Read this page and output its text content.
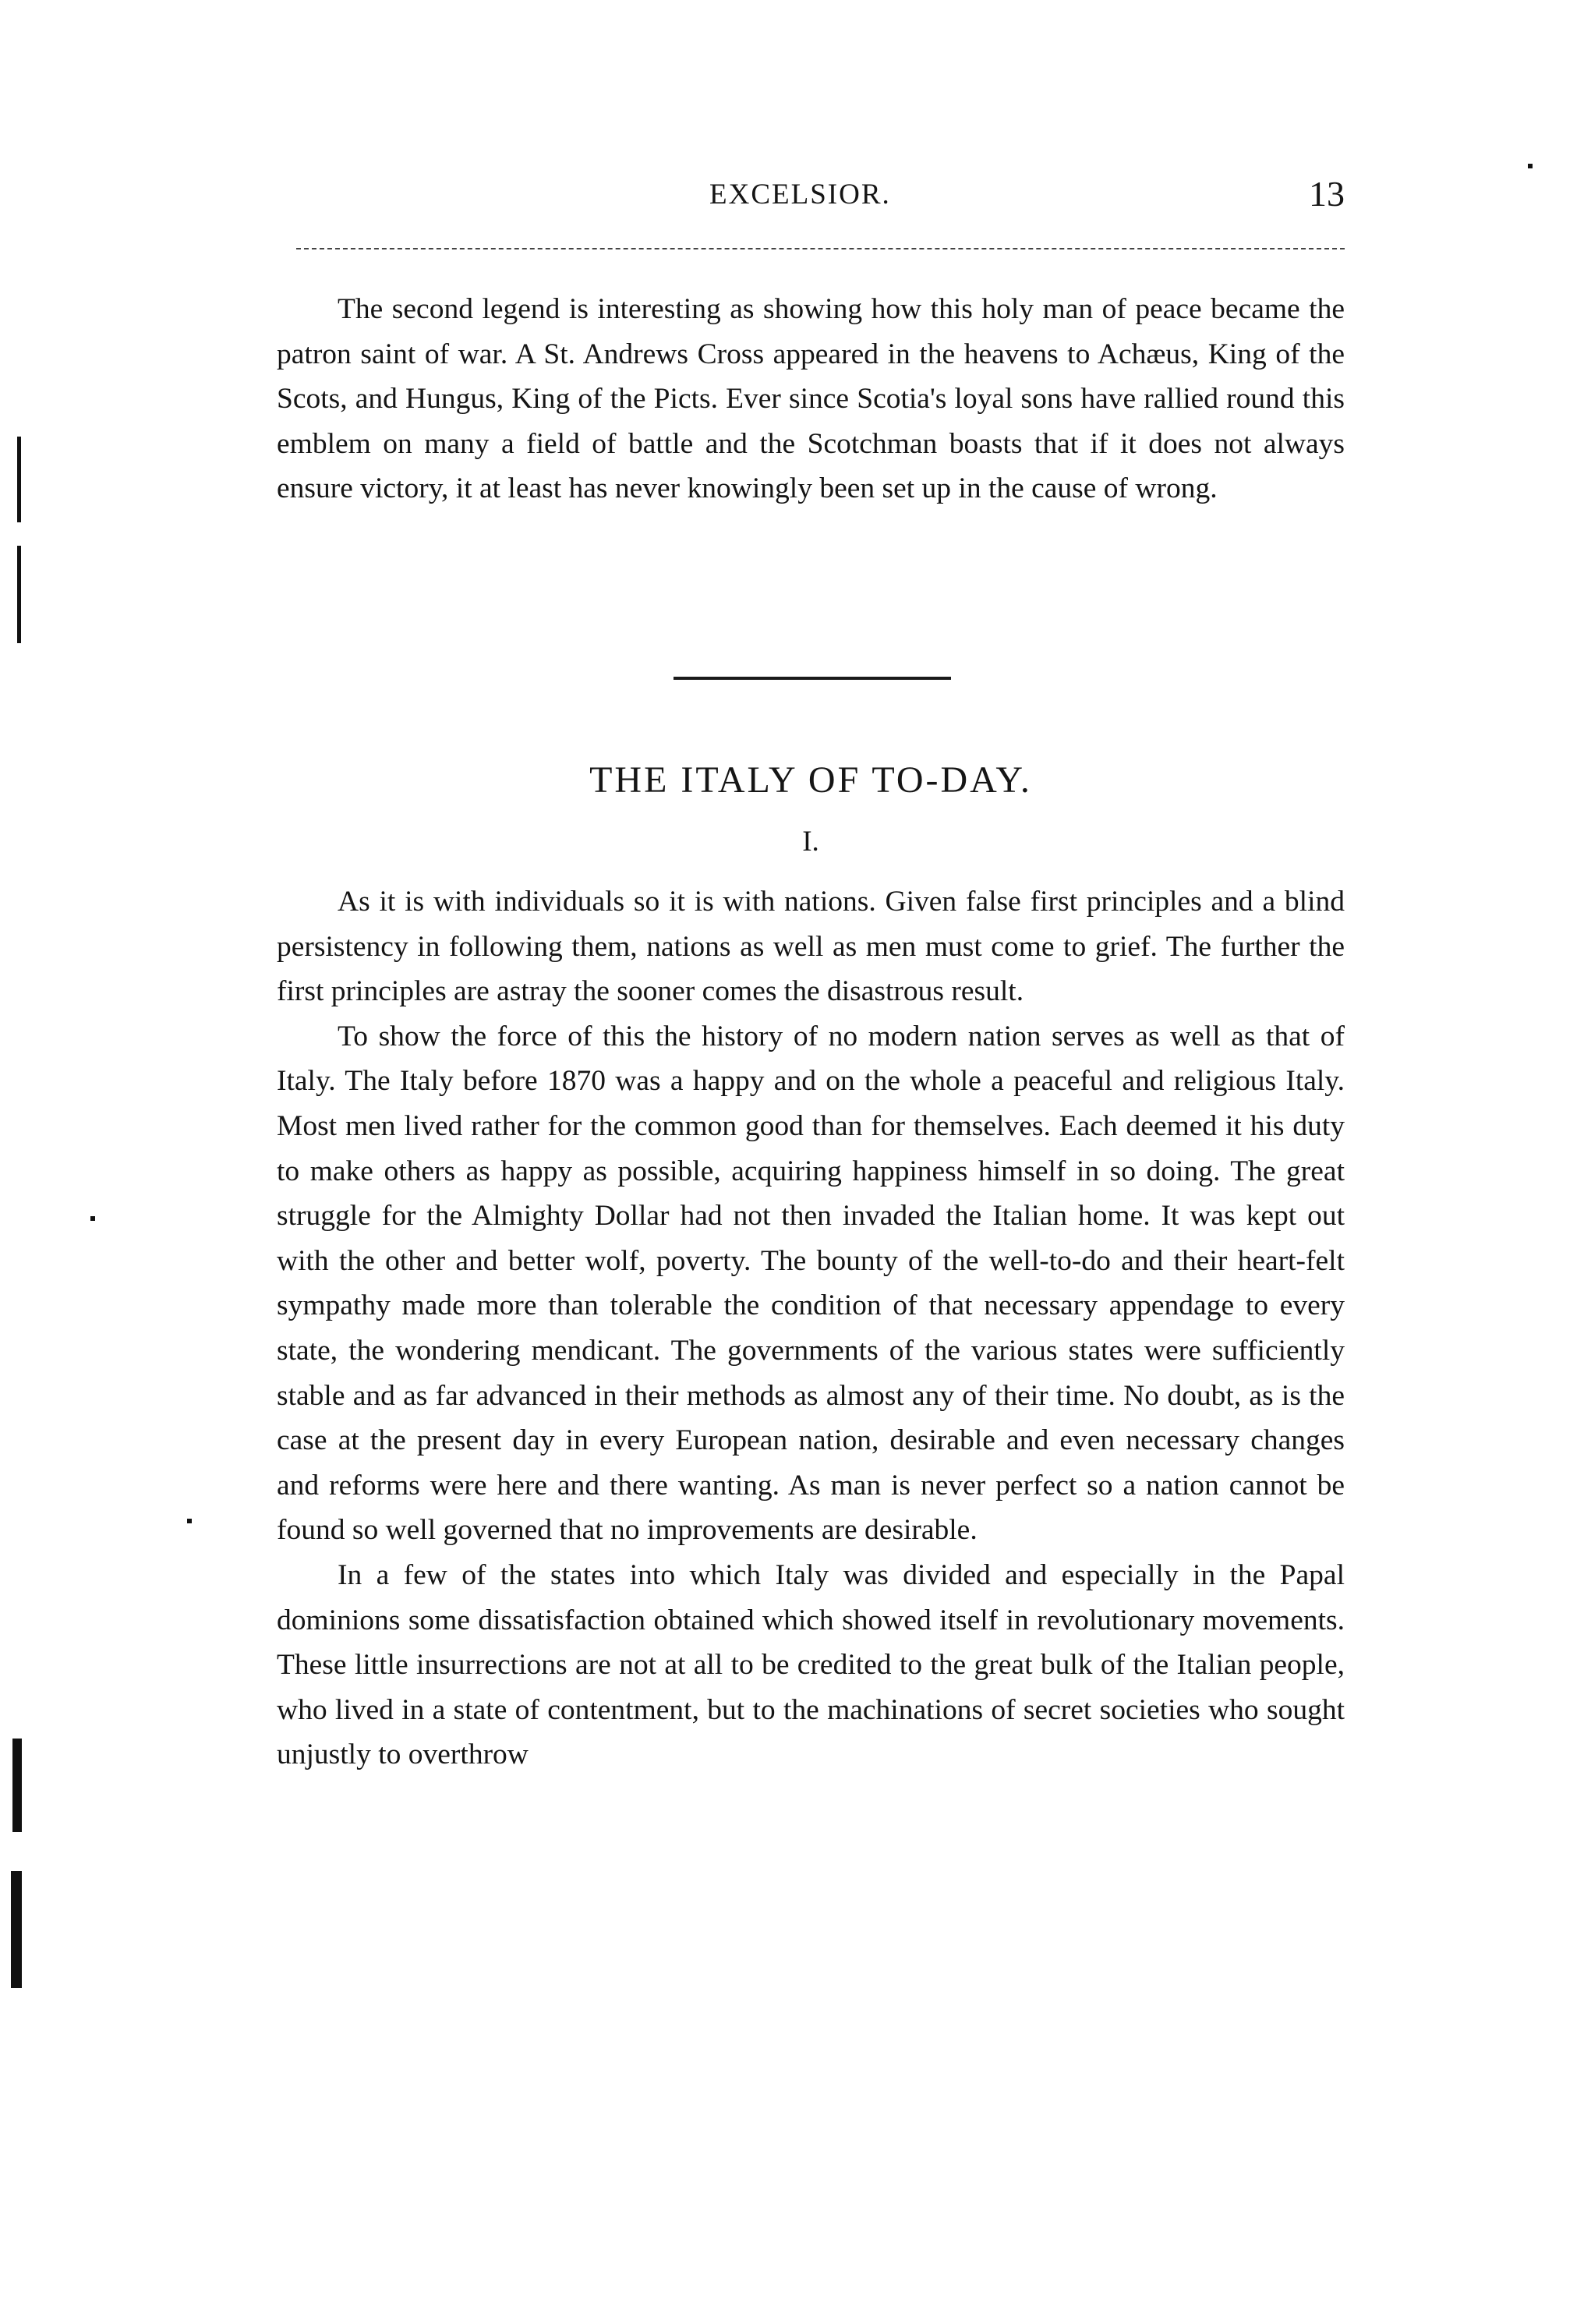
EXCELSIOR.	13

The second legend is interesting as showing how this holy man of peace became the patron saint of war. A St. Andrews Cross appeared in the heavens to Achæus, King of the Scots, and Hungus, King of the Picts. Ever since Scotia's loyal sons have rallied round this emblem on many a field of battle and the Scotchman boasts that if it does not always ensure victory, it at least has never knowingly been set up in the cause of wrong.

THE ITALY OF TO-DAY.
I.

As it is with individuals so it is with nations. Given false first principles and a blind persistency in following them, nations as well as men must come to grief. The further the first principles are astray the sooner comes the disastrous result.

To show the force of this the history of no modern nation serves as well as that of Italy. The Italy before 1870 was a happy and on the whole a peaceful and religious Italy. Most men lived rather for the common good than for themselves. Each deemed it his duty to make others as happy as possible, acquiring happiness himself in so doing. The great struggle for the Almighty Dollar had not then invaded the Italian home. It was kept out with the other and better wolf, poverty. The bounty of the well-to-do and their heart-felt sympathy made more than tolerable the condition of that necessary appendage to every state, the wondering mendicant. The governments of the various states were sufficiently stable and as far advanced in their methods as almost any of their time. No doubt, as is the case at the present day in every European nation, desirable and even necessary changes and reforms were here and there wanting. As man is never perfect so a nation cannot be found so well governed that no improvements are desirable.

In a few of the states into which Italy was divided and especially in the Papal dominions some dissatisfaction obtained which showed itself in revolutionary movements. These little insurrections are not at all to be credited to the great bulk of the Italian people, who lived in a state of contentment, but to the machinations of secret societies who sought unjustly to overthrow
